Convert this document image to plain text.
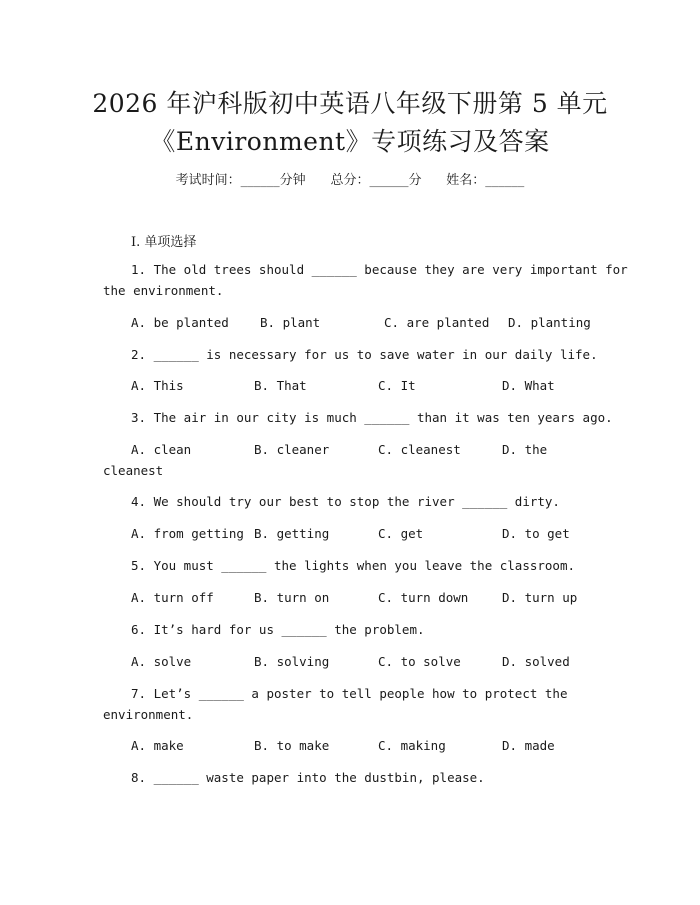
2026 年沪科版初中英语八年级下册第 5 单元
《Environment》专项练习及答案
考试时间：______分钟 总分：______分 姓名：______
I. 单项选择
1. The old trees should ______ because they are very important for
the environment.
A. be planted B. plant	C. are planted D. planting
2. ______ is necessary for us to save water in our daily life.
A. This	B. That	C. It	D. What
3. The air in our city is much ______ than it was ten years ago.
A. clean	B. cleaner	C. cleanest	D. the
cleanest
4. We should try our best to stop the river ______ dirty.
A. from getting B. getting	C. get	D. to get
5. You must ______ the lights when you leave the classroom.
A. turn off	B. turn on	C. turn down	D. turn up
6. It’s hard for us ______ the problem.
A. solve	B. solving	C. to solve	D. solved
7. Let’s ______ a poster to tell people how to protect the
environment.
A. make	B. to make	C. making	D. made
8. ______ waste paper into the dustbin, please.
